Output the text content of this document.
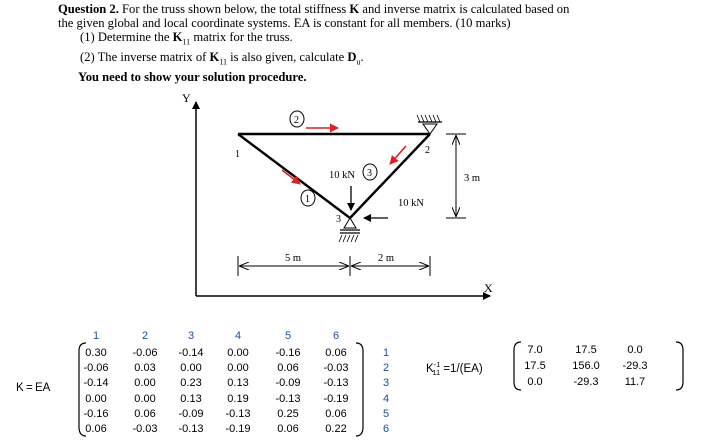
Question 2. For the truss shown below, the total stiffness K and inverse matrix is calculated based on
the given global and local coordinate systems. EA is constant for all members. (10 marks)
(1) Determine the $K_{11}$ matrix for the truss.
(2) The inverse matrix of $K_{11}$ is also given, calculate $D_u$.
You need to show your solution procedure.
Y
X
1	2
3
2
1
3
10 kN
10 kN
5 m	2 m
3 m
K = EA
1	2	3	4	5	6
0.30	-0.06	-0.14	0.00	-0.16	0.06
-0.06	0.03	0.00	0.00	0.06	-0.03
-0.14	0.00	0.23	0.13	-0.09	-0.13
0.00	0.00	0.13	0.19	-0.13	-0.19
-0.16	0.06	-0.09	-0.13	0.25	0.06
0.06	-0.03	-0.13	-0.19	0.06	0.22
1
2
3
4
5
6
$K^{-1}_{11} =1/(EA)$
7.0	17.5	0.0
17.5	156.0	-29.3
0.0	-29.3	11.7
